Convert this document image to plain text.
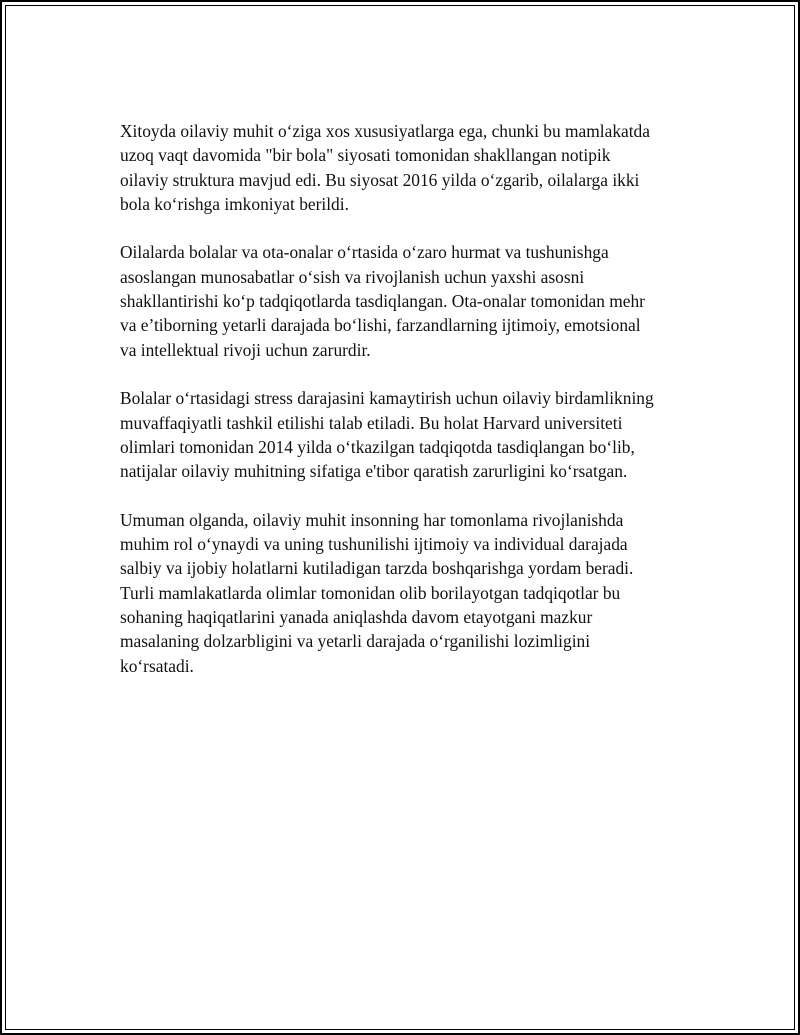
Xitoyda oilaviy muhit o‘ziga xos xususiyatlarga ega, chunki bu mamlakatda
uzoq vaqt davomida "bir bola" siyosati tomonidan shakllangan notipik
oilaviy struktura mavjud edi. Bu siyosat 2016 yilda o‘zgarib, oilalarga ikki
bola ko‘rishga imkoniyat berildi.

Oilalarda bolalar va ota-onalar o‘rtasida o‘zaro hurmat va tushunishga
asoslangan munosabatlar o‘sish va rivojlanish uchun yaxshi asosni
shakllantirishi ko‘p tadqiqotlarda tasdiqlangan. Ota-onalar tomonidan mehr
va e’tiborning yetarli darajada bo‘lishi, farzandlarning ijtimoiy, emotsional
va intellektual rivoji uchun zarurdir.

Bolalar o‘rtasidagi stress darajasini kamaytirish uchun oilaviy birdamlikning
muvaffaqiyatli tashkil etilishi talab etiladi. Bu holat Harvard universiteti
olimlari tomonidan 2014 yilda o‘tkazilgan tadqiqotda tasdiqlangan bo‘lib,
natijalar oilaviy muhitning sifatiga e'tibor qaratish zarurligini ko‘rsatgan.

Umuman olganda, oilaviy muhit insonning har tomonlama rivojlanishda
muhim rol o‘ynaydi va uning tushunilishi ijtimoiy va individual darajada
salbiy va ijobiy holatlarni kutiladigan tarzda boshqarishga yordam beradi.
Turli mamlakatlarda olimlar tomonidan olib borilayotgan tadqiqotlar bu
sohaning haqiqatlarini yanada aniqlashda davom etayotgani mazkur
masalaning dolzarbligini va yetarli darajada o‘rganilishi lozimligini
ko‘rsatadi.
